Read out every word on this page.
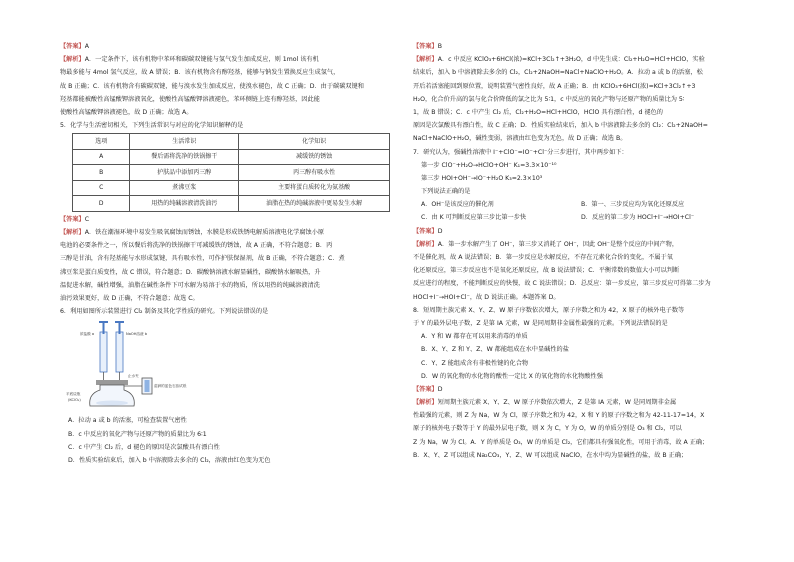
【答案】A
【解析】A．一定条件下，该有机物中苯环和碳碳双键能与氢气发生加成反应，则 1mol 该有机
物最多能与 4mol 氢气反应，故 A 错误；B．该有机物含有醇羟基，能够与钠发生置换反应生成氢气，
故 B 正确；C．该有机物含有碳碳双键，能与溴水发生加成反应，使溴水褪色，故 C 正确；D．由于碳碳双键和
羟基都能被酸性高锰酸钾溶液氧化，使酸性高锰酸钾溶液褪色，苯环侧链上连有醇羟基，因此能
使酸性高锰酸钾溶液褪色，故 D 正确；故选 A。
5．化学与生活密切相关，下列生活常识与对应的化学知识解释的是
选项	生活常识	化学知识
A	餐后需将洗净的铁锅擦干	减缓铁的锈蚀
B	护肤品中添加丙三醇	丙三醇有吸水性
C	煮沸豆浆	主要将蛋白质转化为氨基酸
D	用热的纯碱溶液清洗油污	油脂在热的纯碱溶液中更易发生水解
【答案】C
【解析】A．铁在潮湿环境中易发生吸氧腐蚀而锈蚀，水膜是形成铁锈电解质溶液电化学腐蚀小原
电池的必要条件之一，所以餐后将洗净的铁锅擦干可减缓铁的锈蚀，故 A 正确，不符合题意；B．丙
三醇是甘油，含有羟基能与水形成氢键，具有吸水性，可作护肤保湿剂，故 B 正确，不符合题意；C．煮
沸豆浆是蛋白质变性，故 C 错误，符合题意；D．碳酸钠溶液水解显碱性，碳酸钠水解吸热，升
温促进水解，碱性增强，油脂在碱性条件下可水解为易溶于水的物质，所以用热的纯碱溶液清洗
油污效果更好，故 D 正确，不符合题意；故选 C。
6．利用如图所示装置进行 Cl₂ 制备及其化学性质的研究。下列说法错误的是
浓盐酸 a	NaOH溶液 b
止水夹
平底烧瓶
(KClO₃)
湿润的蓝色石蕊试纸
A．拉动 a 或 b 的活塞，可检查装置气密性
B．c 中反应的氧化产物与还原产物的质量比为 6∶1
C．c 中产生 Cl₂ 后，d 褪色的原因是次氯酸具有漂白性
D．性质实验结束后，加入 b 中溶液除去多余的 Cl₂，溶液由红色变为无色
【答案】B
【解析】A．c 中反应 KClO₃+6HCl(浓)=KCl+3Cl₂↑+3H₂O，d 中先生成：Cl₂+H₂O=HCl+HClO，实验
结束后，加入 b 中溶液除去多余的 Cl₂，Cl₂+2NaOH=NaCl+NaClO+H₂O。A．拉动 a 或 b 的活塞，松
开后若活塞能回到原位置，说明装置气密性良好，故 A 正确；B．由 KClO₃+6HCl(浓)=KCl+3Cl₂↑+3
H₂O，化合价升高的氯与化合价降低的氯之比为 5∶1，c 中反应的氧化产物与还原产物的质量比为 5∶
1，故 B 错误；C．c 中产生 Cl₂ 后，Cl₂+H₂O=HCl+HClO，HClO 具有漂白性，d 褪色的
原因是次氯酸具有漂白性，故 C 正确；D．性质实验结束后，加入 b 中溶液除去多余的 Cl₂：Cl₂+2NaOH=
NaCl+NaClO+H₂O，碱性变弱，溶液由红色变为无色，故 D 正确；故选 B。
7．研究认为，强碱性溶液中 I⁻+ClO⁻=IO⁻+Cl⁻分三步进行，其中两步如下：
第一步 ClO⁻+H₂O→HClO+OH⁻ K₁=3.3×10⁻¹⁰
第三步 HOI+OH⁻→IO⁻+H₂O K₃=2.3×10³
下列说法正确的是
A．OH⁻是该反应的催化剂	B．第一、三步反应均为氧化还原反应
C．由 K 可判断反应第三步比第一步快	D．反应的第二步为 HOCl+I⁻→HOI+Cl⁻
【答案】D
【解析】A．第一步水解产生了 OH⁻，第三步又消耗了 OH⁻，因此 OH⁻是整个反应的中间产物，
不是催化剂，故 A 说法错误；B．第一步反应是水解反应，不存在元素化合价的变化，不属于氧
化还原反应，第三步反应也不是氧化还原反应，故 B 说法错误；C．平衡常数的数值大小可以判断
反应进行的程度，不能判断反应的快慢，故 C 说法错误；D．总反应：第一步反应，第三步反应可得第二步为
HOCl+I⁻→HOI+Cl⁻，故 D 说法正确。本题答案 D。
8．短周期主族元素 X、Y、Z、W 原子序数依次增大，原子序数之和为 42，X 原子的核外电子数等
于 Y 的最外层电子数，Z 是第 IA 元素，W 是同周期非金属性最强的元素。下列说法错误的是
A．Y 和 W 都存在可以用来消毒的单质
B．X、Y、Z 和 Y、Z、W 都能组成在水中显碱性的盐
C．Y、Z 能组成含有非极性键的化合物
D．W 的氧化物的水化物的酸性一定比 X 的氧化物的水化物酸性强
【答案】D
【解析】短周期主族元素 X、Y、Z、W 原子序数依次增大，Z 是第 IA 元素，W 是同周期非金属
性最强的元素，则 Z 为 Na，W 为 Cl，原子序数之和为 42，X 和 Y 的原子序数之和为 42-11-17=14，X
原子的核外电子数等于 Y 的最外层电子数，则 X 为 C，Y 为 O，W 的单质分别是 O₃ 和 Cl₂，可以
Z 为 Na，W 为 Cl。A．Y 的单质是 O₃，W 的单质是 Cl₂，它们都具有强氧化性，可用于消毒，故 A 正确；
B．X、Y、Z 可以组成 Na₂CO₃，Y、Z、W 可以组成 NaClO，在水中均为显碱性的盐，故 B 正确；
